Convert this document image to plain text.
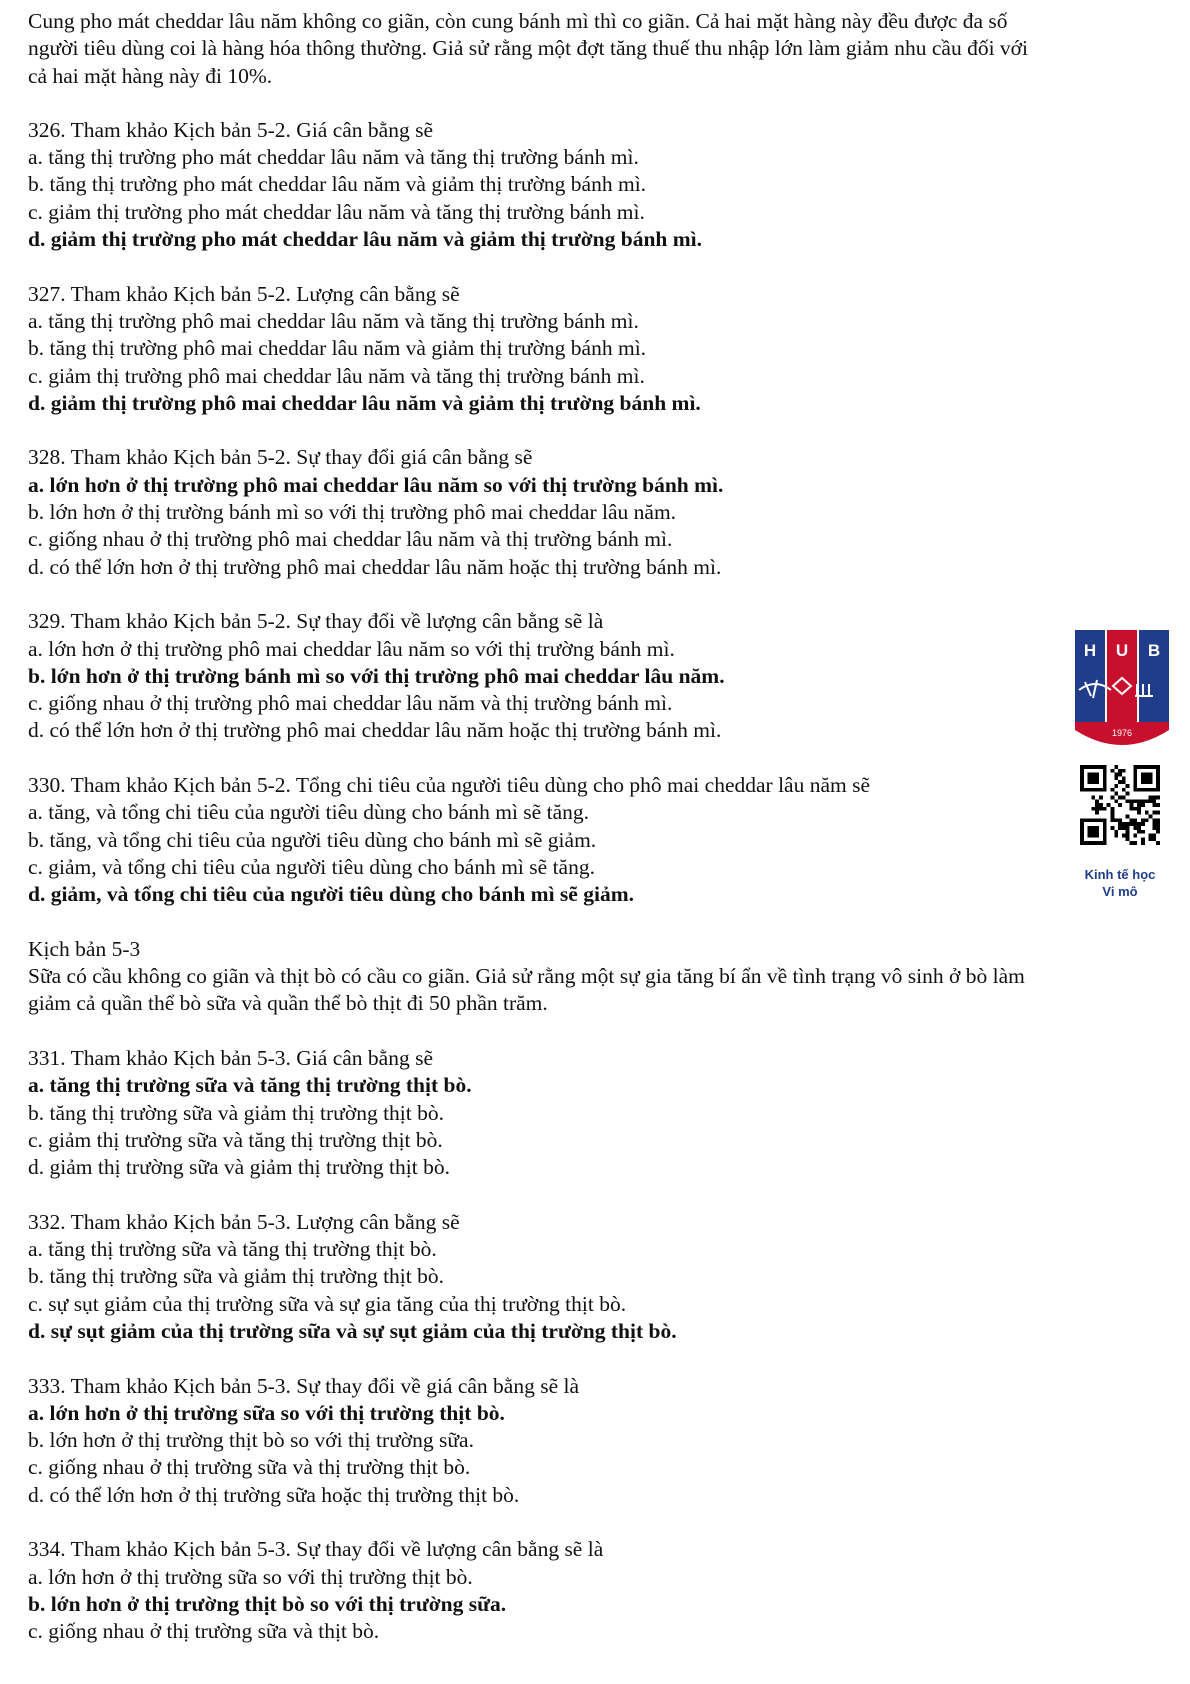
Cung pho mát cheddar lâu năm không co giãn, còn cung bánh mì thì co giãn. Cả hai mặt hàng này đều được đa số
người tiêu dùng coi là hàng hóa thông thường. Giả sử rằng một đợt tăng thuế thu nhập lớn làm giảm nhu cầu đối với
cả hai mặt hàng này đi 10%.
326. Tham khảo Kịch bản 5-2. Giá cân bằng sẽ
a. tăng thị trường pho mát cheddar lâu năm và tăng thị trường bánh mì.
b. tăng thị trường pho mát cheddar lâu năm và giảm thị trường bánh mì.
c. giảm thị trường pho mát cheddar lâu năm và tăng thị trường bánh mì.
d. giảm thị trường pho mát cheddar lâu năm và giảm thị trường bánh mì.
327. Tham khảo Kịch bản 5-2. Lượng cân bằng sẽ
a. tăng thị trường phô mai cheddar lâu năm và tăng thị trường bánh mì.
b. tăng thị trường phô mai cheddar lâu năm và giảm thị trường bánh mì.
c. giảm thị trường phô mai cheddar lâu năm và tăng thị trường bánh mì.
d. giảm thị trường phô mai cheddar lâu năm và giảm thị trường bánh mì.
328. Tham khảo Kịch bản 5-2. Sự thay đổi giá cân bằng sẽ
a. lớn hơn ở thị trường phô mai cheddar lâu năm so với thị trường bánh mì.
b. lớn hơn ở thị trường bánh mì so với thị trường phô mai cheddar lâu năm.
c. giống nhau ở thị trường phô mai cheddar lâu năm và thị trường bánh mì.
d. có thể lớn hơn ở thị trường phô mai cheddar lâu năm hoặc thị trường bánh mì.
329. Tham khảo Kịch bản 5-2. Sự thay đổi về lượng cân bằng sẽ là
a. lớn hơn ở thị trường phô mai cheddar lâu năm so với thị trường bánh mì.
b. lớn hơn ở thị trường bánh mì so với thị trường phô mai cheddar lâu năm.
c. giống nhau ở thị trường phô mai cheddar lâu năm và thị trường bánh mì.
d. có thể lớn hơn ở thị trường phô mai cheddar lâu năm hoặc thị trường bánh mì.
330. Tham khảo Kịch bản 5-2. Tổng chi tiêu của người tiêu dùng cho phô mai cheddar lâu năm sẽ
a. tăng, và tổng chi tiêu của người tiêu dùng cho bánh mì sẽ tăng.
b. tăng, và tổng chi tiêu của người tiêu dùng cho bánh mì sẽ giảm.
c. giảm, và tổng chi tiêu của người tiêu dùng cho bánh mì sẽ tăng.
d. giảm, và tổng chi tiêu của người tiêu dùng cho bánh mì sẽ giảm.
Kịch bản 5-3
Sữa có cầu không co giãn và thịt bò có cầu co giãn. Giả sử rằng một sự gia tăng bí ẩn về tình trạng vô sinh ở bò làm
giảm cả quần thể bò sữa và quần thể bò thịt đi 50 phần trăm.
331. Tham khảo Kịch bản 5-3. Giá cân bằng sẽ
a. tăng thị trường sữa và tăng thị trường thịt bò.
b. tăng thị trường sữa và giảm thị trường thịt bò.
c. giảm thị trường sữa và tăng thị trường thịt bò.
d. giảm thị trường sữa và giảm thị trường thịt bò.
332. Tham khảo Kịch bản 5-3. Lượng cân bằng sẽ
a. tăng thị trường sữa và tăng thị trường thịt bò.
b. tăng thị trường sữa và giảm thị trường thịt bò.
c. sự sụt giảm của thị trường sữa và sự gia tăng của thị trường thịt bò.
d. sự sụt giảm của thị trường sữa và sự sụt giảm của thị trường thịt bò.
333. Tham khảo Kịch bản 5-3. Sự thay đổi về giá cân bằng sẽ là
a. lớn hơn ở thị trường sữa so với thị trường thịt bò.
b. lớn hơn ở thị trường thịt bò so với thị trường sữa.
c. giống nhau ở thị trường sữa và thị trường thịt bò.
d. có thể lớn hơn ở thị trường sữa hoặc thị trường thịt bò.
334. Tham khảo Kịch bản 5-3. Sự thay đổi về lượng cân bằng sẽ là
a. lớn hơn ở thị trường sữa so với thị trường thịt bò.
b. lớn hơn ở thị trường thịt bò so với thị trường sữa.
c. giống nhau ở thị trường sữa và thịt bò.
H U B
1976
Kinh tế học
Vi mô
